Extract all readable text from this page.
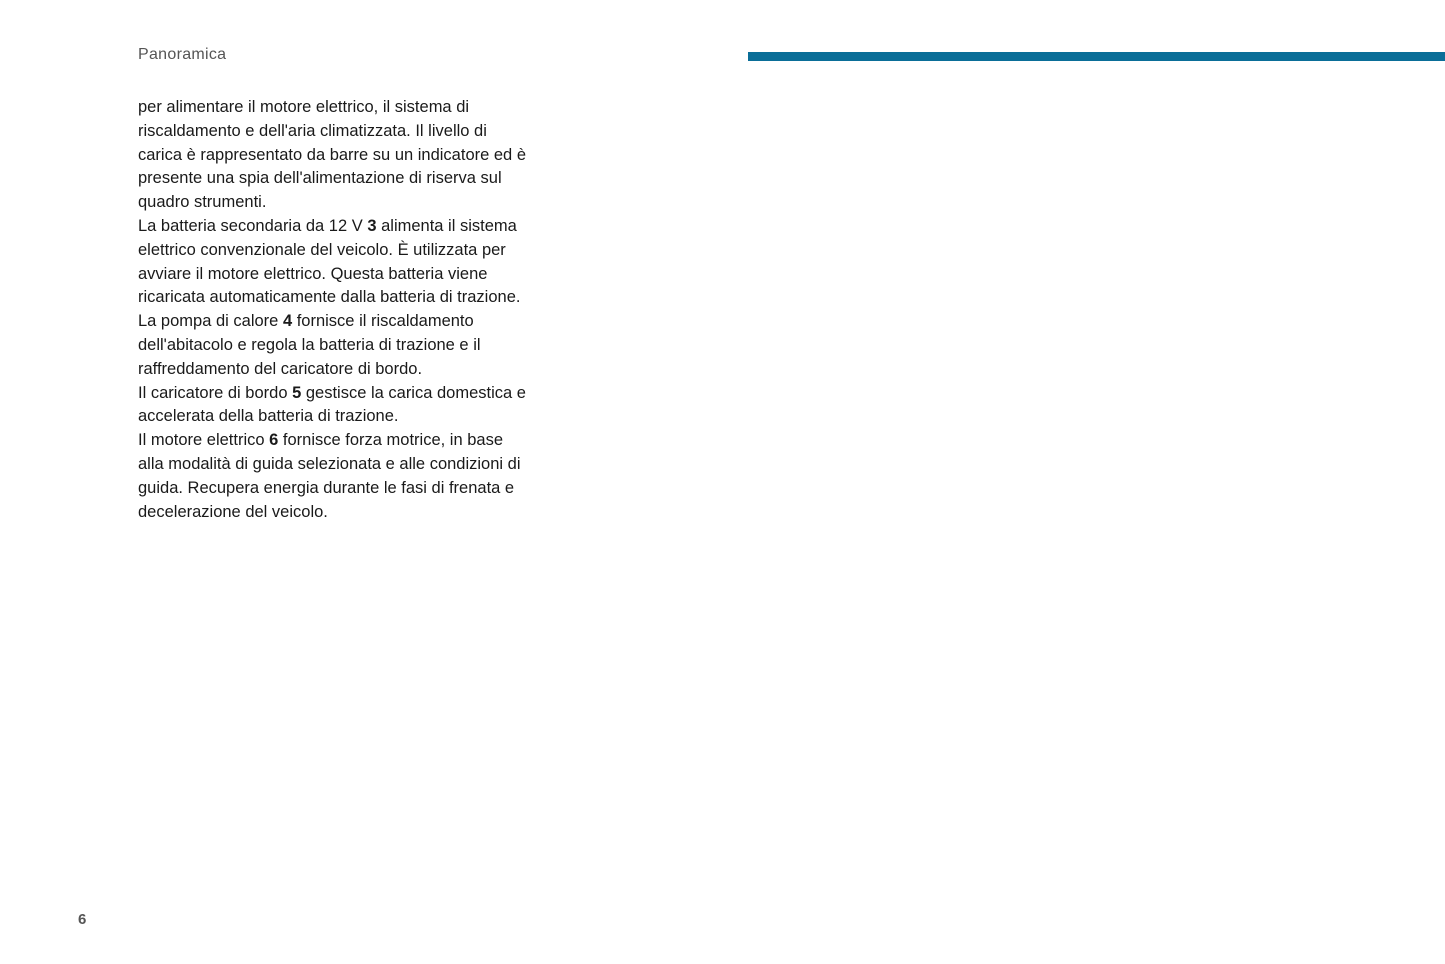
Panoramica

per alimentare il motore elettrico, il sistema di riscaldamento e dell'aria climatizzata. Il livello di carica è rappresentato da barre su un indicatore ed è presente una spia dell'alimentazione di riserva sul quadro strumenti.

La batteria secondaria da 12 V 3 alimenta il sistema elettrico convenzionale del veicolo. È utilizzata per avviare il motore elettrico. Questa batteria viene ricaricata automaticamente dalla batteria di trazione.

La pompa di calore 4 fornisce il riscaldamento dell'abitacolo e regola la batteria di trazione e il raffreddamento del caricatore di bordo.

Il caricatore di bordo 5 gestisce la carica domestica e accelerata della batteria di trazione.

Il motore elettrico 6 fornisce forza motrice, in base alla modalità di guida selezionata e alle condizioni di guida. Recupera energia durante le fasi di frenata e decelerazione del veicolo.

6
